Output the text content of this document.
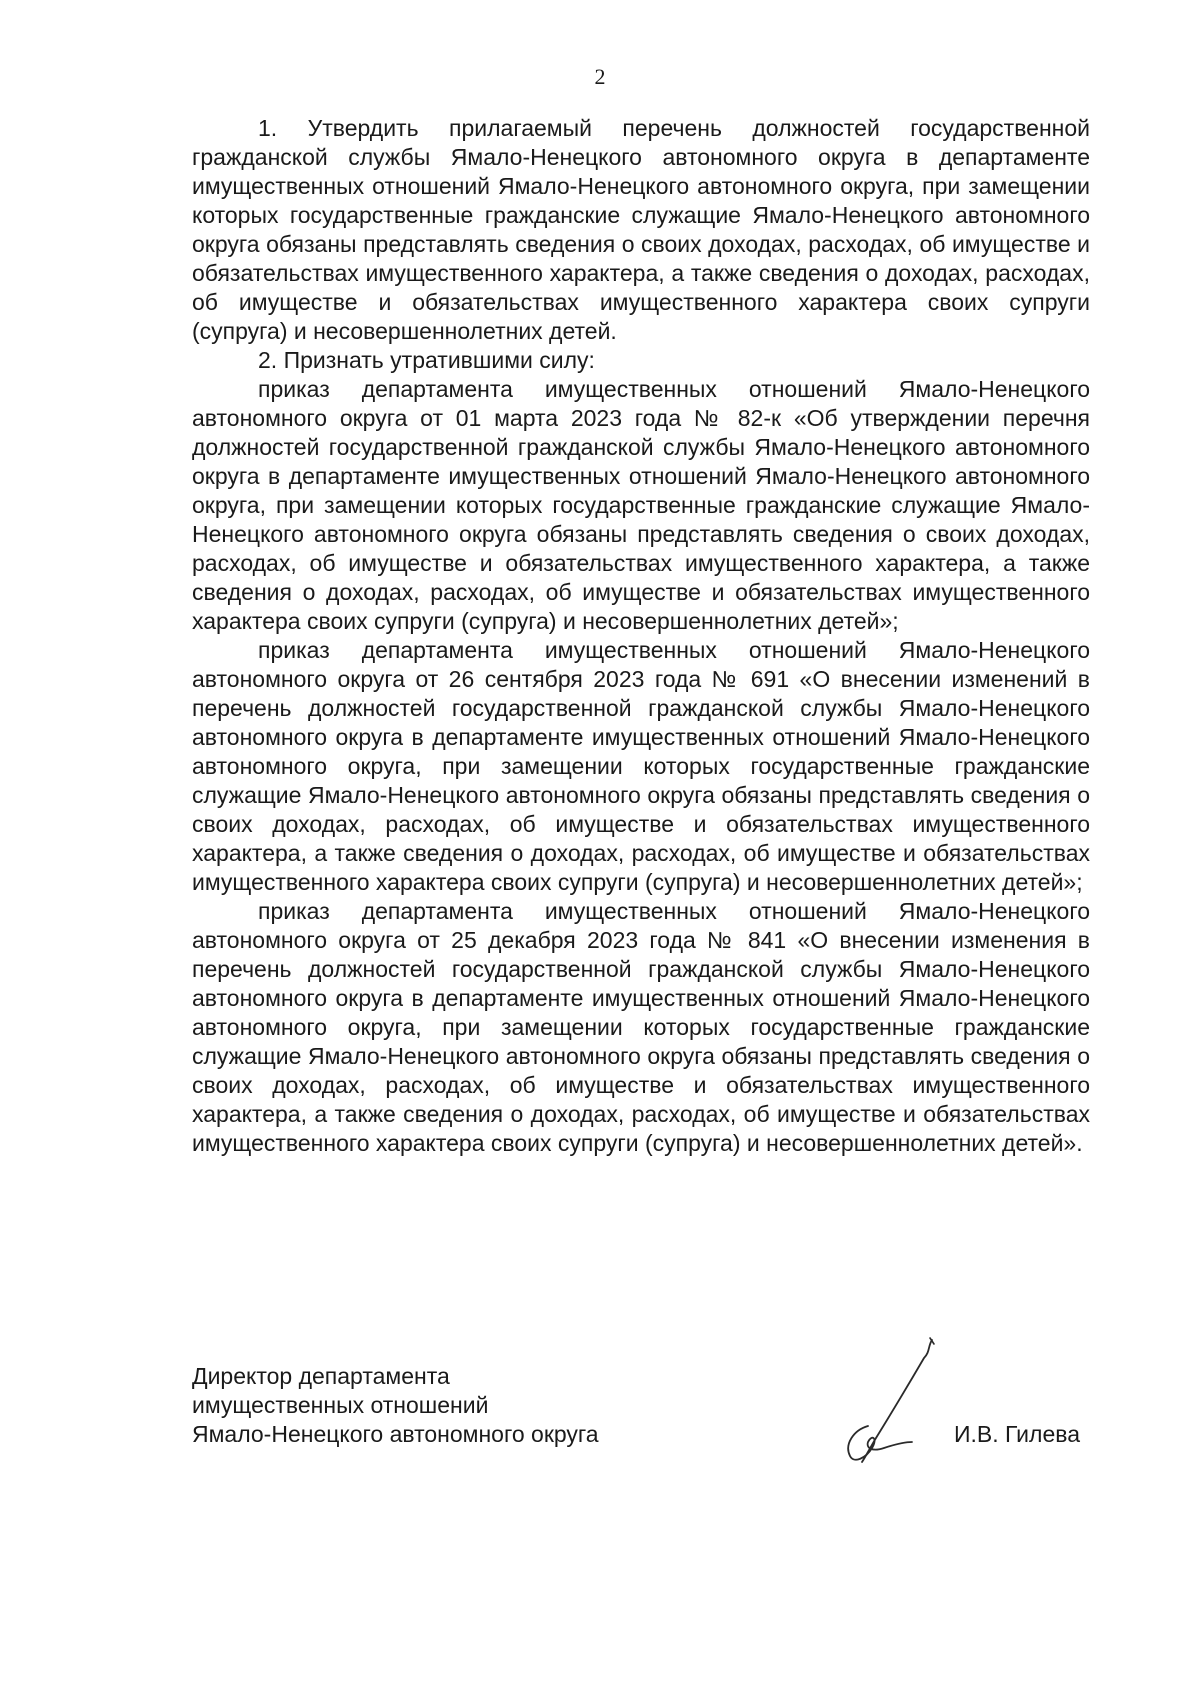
2

1. Утвердить прилагаемый перечень должностей государственной гражданской службы Ямало-Ненецкого автономного округа в департаменте имущественных отношений Ямало-Ненецкого автономного округа, при замещении которых государственные гражданские служащие Ямало-Ненецкого автономного округа обязаны представлять сведения о своих доходах, расходах, об имуществе и обязательствах имущественного характера, а также сведения о доходах, расходах, об имуществе и обязательствах имущественного характера своих супруги (супруга) и несовершеннолетних детей.

2. Признать утратившими силу:

приказ департамента имущественных отношений Ямало-Ненецкого автономного округа от 01 марта 2023 года № 82-к «Об утверждении перечня должностей государственной гражданской службы Ямало-Ненецкого автономного округа в департаменте имущественных отношений Ямало-Ненецкого автономного округа, при замещении которых государственные гражданские служащие Ямало-Ненецкого автономного округа обязаны представлять сведения о своих доходах, расходах, об имуществе и обязательствах имущественного характера, а также сведения о доходах, расходах, об имуществе и обязательствах имущественного характера своих супруги (супруга) и несовершеннолетних детей»;

приказ департамента имущественных отношений Ямало-Ненецкого автономного округа от 26 сентября 2023 года № 691 «О внесении изменений в перечень должностей государственной гражданской службы Ямало-Ненецкого автономного округа в департаменте имущественных отношений Ямало-Ненецкого автономного округа, при замещении которых государственные гражданские служащие Ямало-Ненецкого автономного округа обязаны представлять сведения о своих доходах, расходах, об имуществе и обязательствах имущественного характера, а также сведения о доходах, расходах, об имуществе и обязательствах имущественного характера своих супруги (супруга) и несовершеннолетних детей»;

приказ департамента имущественных отношений Ямало-Ненецкого автономного округа от 25 декабря 2023 года № 841 «О внесении изменения в перечень должностей государственной гражданской службы Ямало-Ненецкого автономного округа в департаменте имущественных отношений Ямало-Ненецкого автономного округа, при замещении которых государственные гражданские служащие Ямало-Ненецкого автономного округа обязаны представлять сведения о своих доходах, расходах, об имуществе и обязательствах имущественного характера, а также сведения о доходах, расходах, об имуществе и обязательствах имущественного характера своих супруги (супруга) и несовершеннолетних детей».

Директор департамента
имущественных отношений
Ямало-Ненецкого автономного округа	И.В. Гилева
